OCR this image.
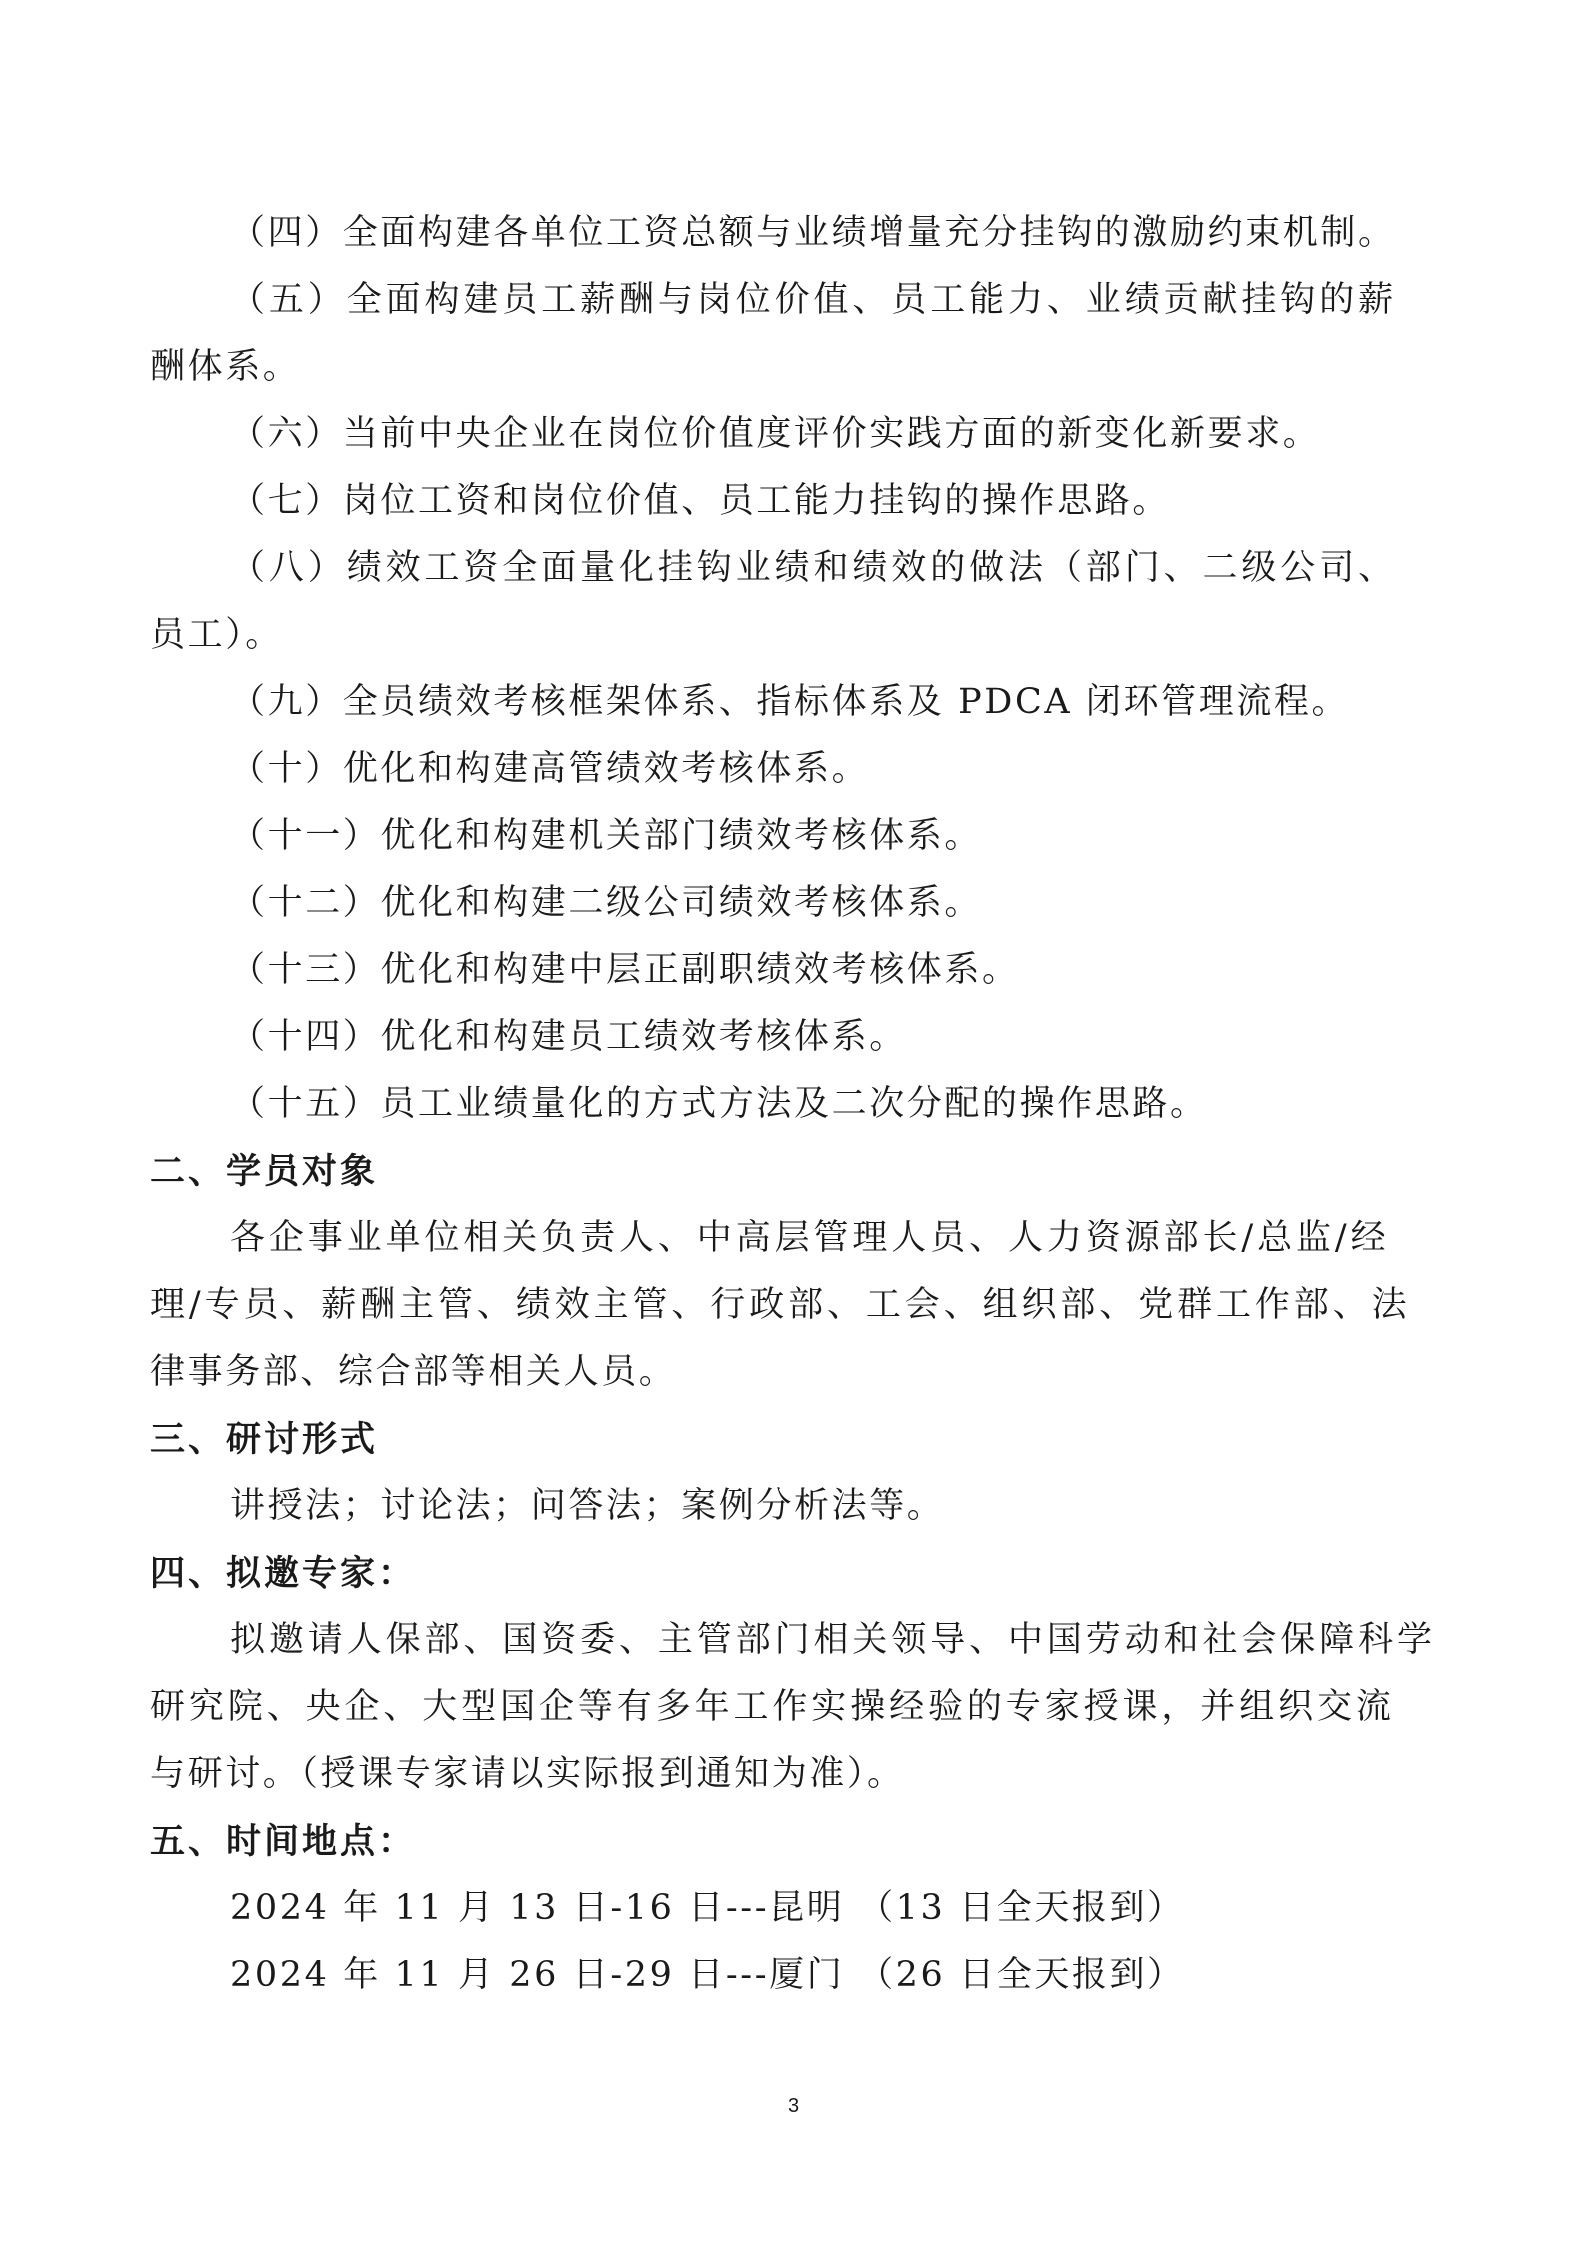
（四）全面构建各单位工资总额与业绩增量充分挂钩的激励约束机制。
（五）全面构建员工薪酬与岗位价值、员工能力、业绩贡献挂钩的薪
酬体系。
（六）当前中央企业在岗位价值度评价实践方面的新变化新要求。
（七）岗位工资和岗位价值、员工能力挂钩的操作思路。
（八）绩效工资全面量化挂钩业绩和绩效的做法（部门、二级公司、
员工）。
（九）全员绩效考核框架体系、指标体系及 PDCA 闭环管理流程。
（十）优化和构建高管绩效考核体系。
（十一）优化和构建机关部门绩效考核体系。
（十二）优化和构建二级公司绩效考核体系。
（十三）优化和构建中层正副职绩效考核体系。
（十四）优化和构建员工绩效考核体系。
（十五）员工业绩量化的方式方法及二次分配的操作思路。
二、学员对象
各企事业单位相关负责人、中高层管理人员、人力资源部长/总监/经
理/专员、薪酬主管、绩效主管、行政部、工会、组织部、党群工作部、法
律事务部、综合部等相关人员。
三、研讨形式
讲授法；讨论法；问答法；案例分析法等。
四、拟邀专家：
拟邀请人保部、国资委、主管部门相关领导、中国劳动和社会保障科学
研究院、央企、大型国企等有多年工作实操经验的专家授课，并组织交流
与研讨。（授课专家请以实际报到通知为准）。
五、时间地点：
2024 年 11 月 13 日-16 日---昆明 （13 日全天报到）
2024 年 11 月 26 日-29 日---厦门 （26 日全天报到）
3
